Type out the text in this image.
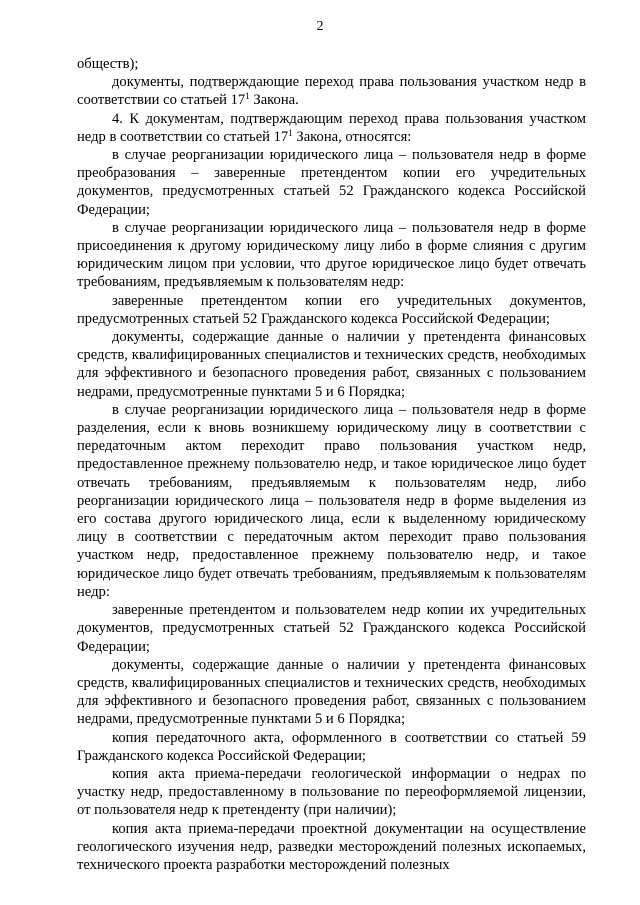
2

обществ);

документы, подтверждающие переход права пользования участком недр в соответствии со статьей $17^1$ Закона.

4. К документам, подтверждающим переход права пользования участком недр в соответствии со статьей $17^1$ Закона, относятся:

в случае реорганизации юридического лица – пользователя недр в форме преобразования – заверенные претендентом копии его учредительных документов, предусмотренных статьей 52 Гражданского кодекса Российской Федерации;

в случае реорганизации юридического лица – пользователя недр в форме присоединения к другому юридическому лицу либо в форме слияния с другим юридическим лицом при условии, что другое юридическое лицо будет отвечать требованиям, предъявляемым к пользователям недр:

заверенные претендентом копии его учредительных документов, предусмотренных статьей 52 Гражданского кодекса Российской Федерации;

документы, содержащие данные о наличии у претендента финансовых средств, квалифицированных специалистов и технических средств, необходимых для эффективного и безопасного проведения работ, связанных с пользованием недрами, предусмотренные пунктами 5 и 6 Порядка;

в случае реорганизации юридического лица – пользователя недр в форме разделения, если к вновь возникшему юридическому лицу в соответствии с передаточным актом переходит право пользования участком недр, предоставленное прежнему пользователю недр, и такое юридическое лицо будет отвечать требованиям, предъявляемым к пользователям недр, либо реорганизации юридического лица – пользователя недр в форме выделения из его состава другого юридического лица, если к выделенному юридическому лицу в соответствии с передаточным актом переходит право пользования участком недр, предоставленное прежнему пользователю недр, и такое юридическое лицо будет отвечать требованиям, предъявляемым к пользователям недр:

заверенные претендентом и пользователем недр копии их учредительных документов, предусмотренных статьей 52 Гражданского кодекса Российской Федерации;

документы, содержащие данные о наличии у претендента финансовых средств, квалифицированных специалистов и технических средств, необходимых для эффективного и безопасного проведения работ, связанных с пользованием недрами, предусмотренные пунктами 5 и 6 Порядка;

копия передаточного акта, оформленного в соответствии со статьей 59 Гражданского кодекса Российской Федерации;

копия акта приема-передачи геологической информации о недрах по участку недр, предоставленному в пользование по переоформляемой лицензии, от пользователя недр к претенденту (при наличии);

копия акта приема-передачи проектной документации на осуществление геологического изучения недр, разведки месторождений полезных ископаемых, технического проекта разработки месторождений полезных
